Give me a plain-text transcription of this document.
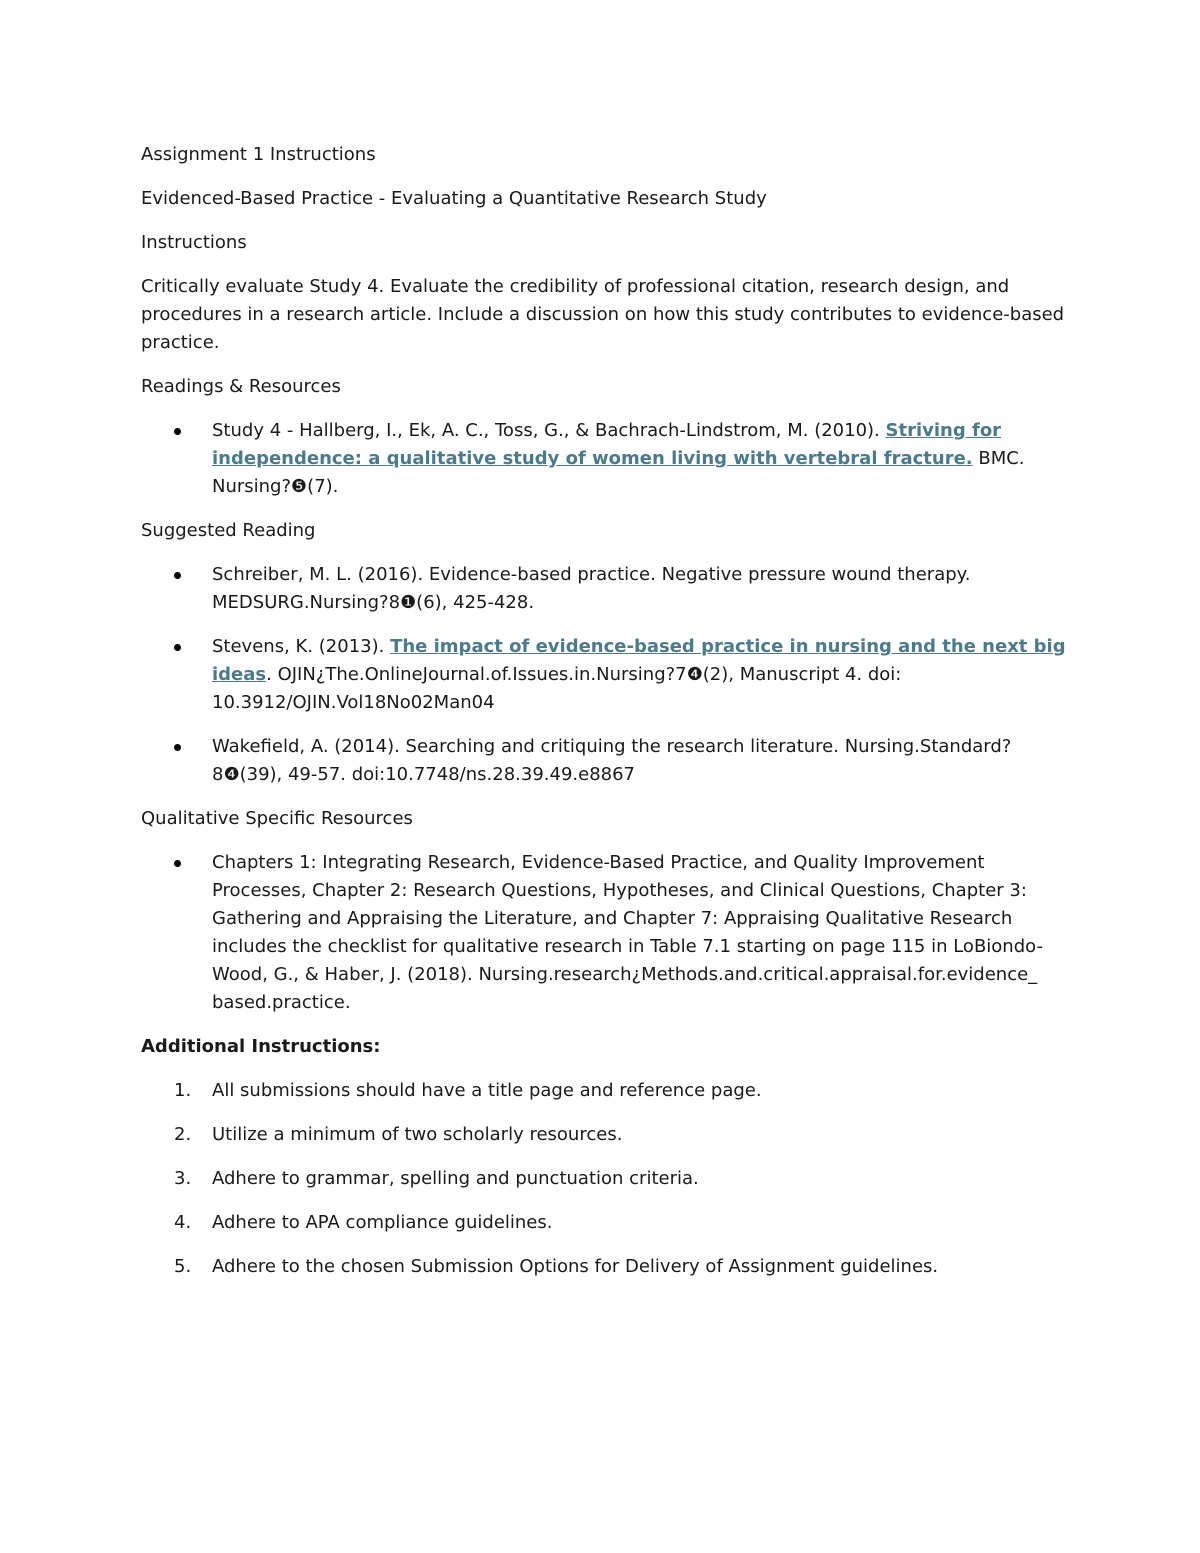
Assignment 1 Instructions

Evidenced-Based Practice - Evaluating a Quantitative Research Study

Instructions

Critically evaluate Study 4. Evaluate the credibility of professional citation, research design, and procedures in a research article. Include a discussion on how this study contributes to evidence-based practice.

Readings & Resources

Study 4 - Hallberg, I., Ek, A. C., Toss, G., & Bachrach-Lindstrom, M. (2010). Striving for independence: a qualitative study of women living with vertebral fracture. BMC. Nursing?❺(7).

Suggested Reading

Schreiber, M. L. (2016). Evidence-based practice. Negative pressure wound therapy. MEDSURG.Nursing?8❶(6), 425-428.
Stevens, K. (2013). The impact of evidence-based practice in nursing and the next big ideas. OJIN¿The.OnlineJournal.of.Issues.in.Nursing?7❹(2), Manuscript 4. doi: 10.3912/OJIN.Vol18No02Man04
Wakefield, A. (2014). Searching and critiquing the research literature. Nursing.Standard? 8❹(39), 49-57. doi:10.7748/ns.28.39.49.e8867

Qualitative Specific Resources

Chapters 1: Integrating Research, Evidence-Based Practice, and Quality Improvement Processes, Chapter 2: Research Questions, Hypotheses, and Clinical Questions, Chapter 3: Gathering and Appraising the Literature, and Chapter 7: Appraising Qualitative Research includes the checklist for qualitative research in Table 7.1 starting on page 115 in LoBiondo-Wood, G., & Haber, J. (2018). Nursing.research¿Methods.and.critical.appraisal.for.evidence_ based.practice.

Additional Instructions:

1. All submissions should have a title page and reference page.
2. Utilize a minimum of two scholarly resources.
3. Adhere to grammar, spelling and punctuation criteria.
4. Adhere to APA compliance guidelines.
5. Adhere to the chosen Submission Options for Delivery of Assignment guidelines.
